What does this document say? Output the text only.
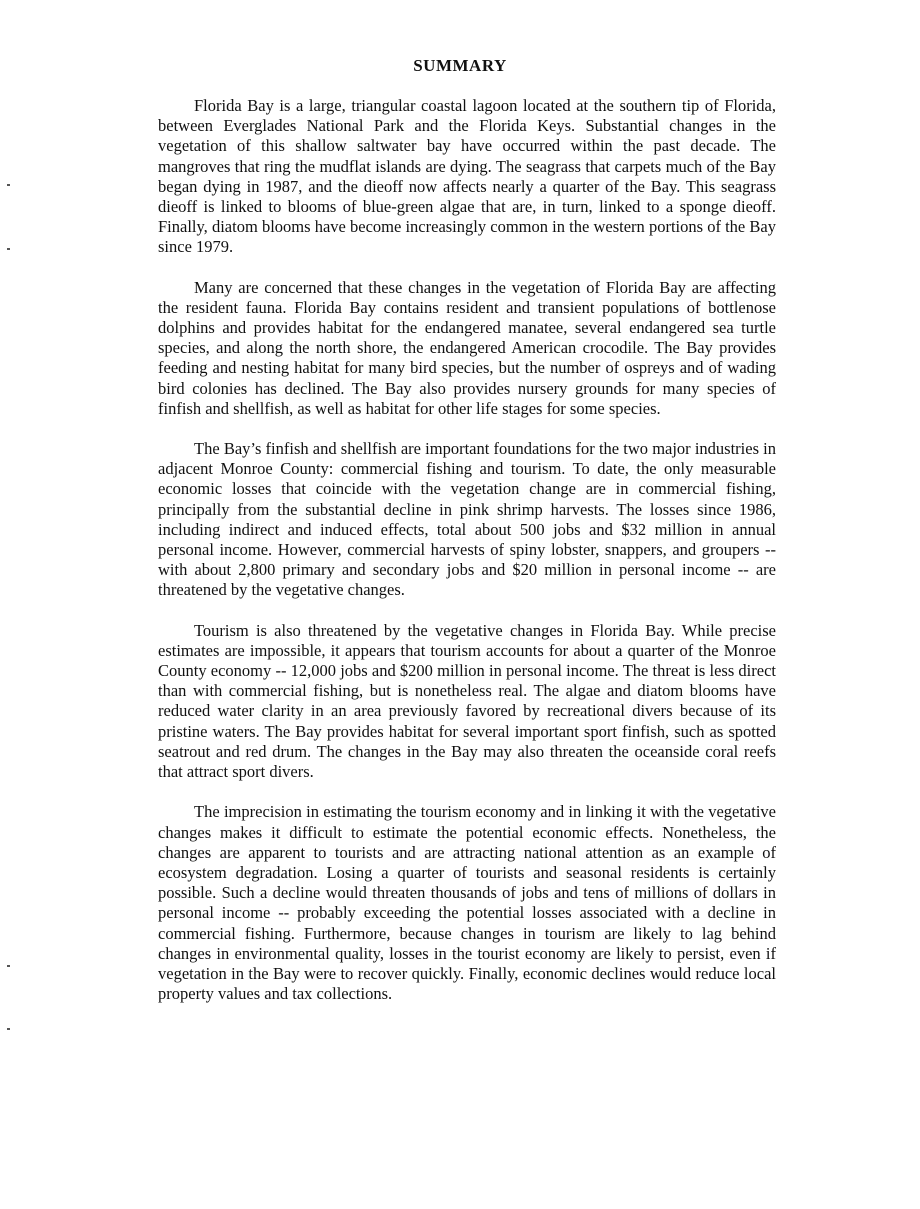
SUMMARY

Florida Bay is a large, triangular coastal lagoon located at the southern tip of Florida, between Everglades National Park and the Florida Keys. Substantial changes in the vegetation of this shallow saltwater bay have occurred within the past decade. The mangroves that ring the mudflat islands are dying. The seagrass that carpets much of the Bay began dying in 1987, and the dieoff now affects nearly a quarter of the Bay. This seagrass dieoff is linked to blooms of blue-green algae that are, in turn, linked to a sponge dieoff. Finally, diatom blooms have become increasingly common in the western portions of the Bay since 1979.

Many are concerned that these changes in the vegetation of Florida Bay are affecting the resident fauna. Florida Bay contains resident and transient populations of bottlenose dolphins and provides habitat for the endangered manatee, several endangered sea turtle species, and along the north shore, the endangered American crocodile. The Bay provides feeding and nesting habitat for many bird species, but the number of ospreys and of wading bird colonies has declined. The Bay also provides nursery grounds for many species of finfish and shellfish, as well as habitat for other life stages for some species.

The Bay’s finfish and shellfish are important foundations for the two major industries in adjacent Monroe County: commercial fishing and tourism. To date, the only measurable economic losses that coincide with the vegetation change are in commercial fishing, principally from the substantial decline in pink shrimp harvests. The losses since 1986, including indirect and induced effects, total about 500 jobs and $32 million in annual personal income. However, commercial harvests of spiny lobster, snappers, and groupers -- with about 2,800 primary and secondary jobs and $20 million in personal income -- are threatened by the vegetative changes.

Tourism is also threatened by the vegetative changes in Florida Bay. While precise estimates are impossible, it appears that tourism accounts for about a quarter of the Monroe County economy -- 12,000 jobs and $200 million in personal income. The threat is less direct than with commercial fishing, but is nonetheless real. The algae and diatom blooms have reduced water clarity in an area previously favored by recreational divers because of its pristine waters. The Bay provides habitat for several important sport finfish, such as spotted seatrout and red drum. The changes in the Bay may also threaten the oceanside coral reefs that attract sport divers.

The imprecision in estimating the tourism economy and in linking it with the vegetative changes makes it difficult to estimate the potential economic effects. Nonetheless, the changes are apparent to tourists and are attracting national attention as an example of ecosystem degradation. Losing a quarter of tourists and seasonal residents is certainly possible. Such a decline would threaten thousands of jobs and tens of millions of dollars in personal income -- probably exceeding the potential losses associated with a decline in commercial fishing. Furthermore, because changes in tourism are likely to lag behind changes in environmental quality, losses in the tourist economy are likely to persist, even if vegetation in the Bay were to recover quickly. Finally, economic declines would reduce local property values and tax collections.
